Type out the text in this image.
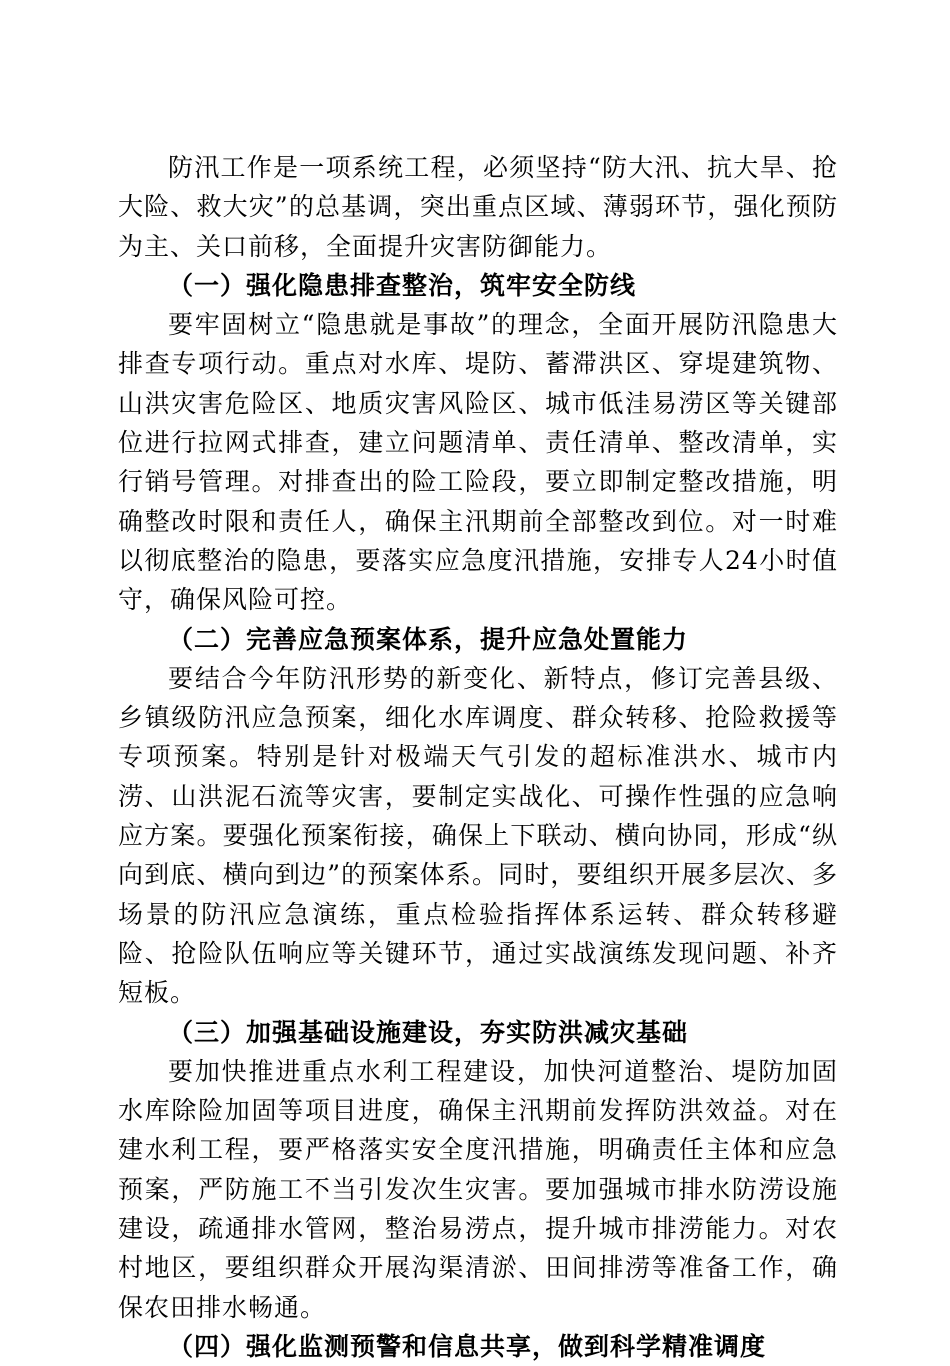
防汛工作是一项系统工程，必须坚持“防大汛、抗大旱、抢大险、救大灾”的总基调，突出重点区域、薄弱环节，强化预防为主、关口前移，全面提升灾害防御能力。

（一）强化隐患排查整治，筑牢安全防线

要牢固树立“隐患就是事故”的理念，全面开展防汛隐患大排查专项行动。重点对水库、堤防、蓄滞洪区、穿堤建筑物、山洪灾害危险区、地质灾害风险区、城市低洼易涝区等关键部位进行拉网式排查，建立问题清单、责任清单、整改清单，实行销号管理。对排查出的险工险段，要立即制定整改措施，明确整改时限和责任人，确保主汛期前全部整改到位。对一时难以彻底整治的隐患，要落实应急度汛措施，安排专人24小时值守，确保风险可控。

（二）完善应急预案体系，提升应急处置能力

要结合今年防汛形势的新变化、新特点，修订完善县级、乡镇级防汛应急预案，细化水库调度、群众转移、抢险救援等专项预案。特别是针对极端天气引发的超标准洪水、城市内涝、山洪泥石流等灾害，要制定实战化、可操作性强的应急响应方案。要强化预案衔接，确保上下联动、横向协同，形成“纵向到底、横向到边”的预案体系。同时，要组织开展多层次、多场景的防汛应急演练，重点检验指挥体系运转、群众转移避险、抢险队伍响应等关键环节，通过实战演练发现问题、补齐短板。

（三）加强基础设施建设，夯实防洪减灾基础

要加快推进重点水利工程建设，加快河道整治、堤防加固水库除险加固等项目进度，确保主汛期前发挥防洪效益。对在建水利工程，要严格落实安全度汛措施，明确责任主体和应急预案，严防施工不当引发次生灾害。要加强城市排水防涝设施建设，疏通排水管网，整治易涝点，提升城市排涝能力。对农村地区，要组织群众开展沟渠清淤、田间排涝等准备工作，确保农田排水畅通。

（四）强化监测预警和信息共享，做到科学精准调度
